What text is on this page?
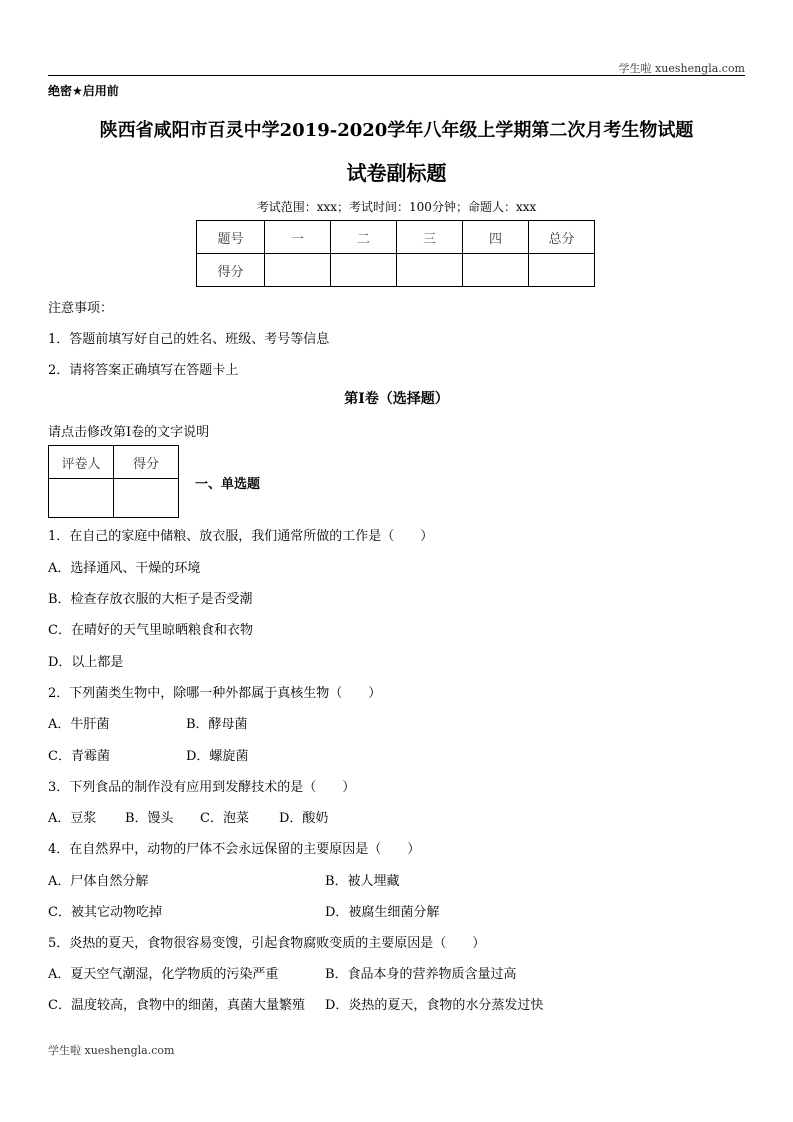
学生啦 xueshengla.com
绝密★启用前
陕西省咸阳市百灵中学2019-2020学年八年级上学期第二次月考生物试题
试卷副标题
考试范围：xxx；考试时间：100分钟；命题人：xxx
题号	一	二	三	四	总分
得分					
注意事项：
1．答题前填写好自己的姓名、班级、考号等信息
2．请将答案正确填写在答题卡上
第I卷（选择题）
请点击修改第I卷的文字说明
评卷人	得分

一、单选题
1．在自己的家庭中储粮、放衣服，我们通常所做的工作是（　　）
A．选择通风、干燥的环境
B．检查存放衣服的大柜子是否受潮
C．在晴好的天气里晾晒粮食和衣物
D．以上都是
2．下列菌类生物中，除哪一种外都属于真核生物（　　）
A．牛肝菌	B．酵母菌
C．青霉菌	D．螺旋菌
3．下列食品的制作没有应用到发酵技术的是（　　）
A．豆浆 B．馒头 C．泡菜 D．酸奶
4．在自然界中，动物的尸体不会永远保留的主要原因是（　　）
A．尸体自然分解	B．被人埋藏
C．被其它动物吃掉	D．被腐生细菌分解
5．炎热的夏天，食物很容易变馊，引起食物腐败变质的主要原因是（　　）
A．夏天空气潮湿，化学物质的污染严重	B．食品本身的营养物质含量过高
C．温度较高，食物中的细菌，真菌大量繁殖 D．炎热的夏天，食物的水分蒸发过快
学生啦 xueshengla.com
